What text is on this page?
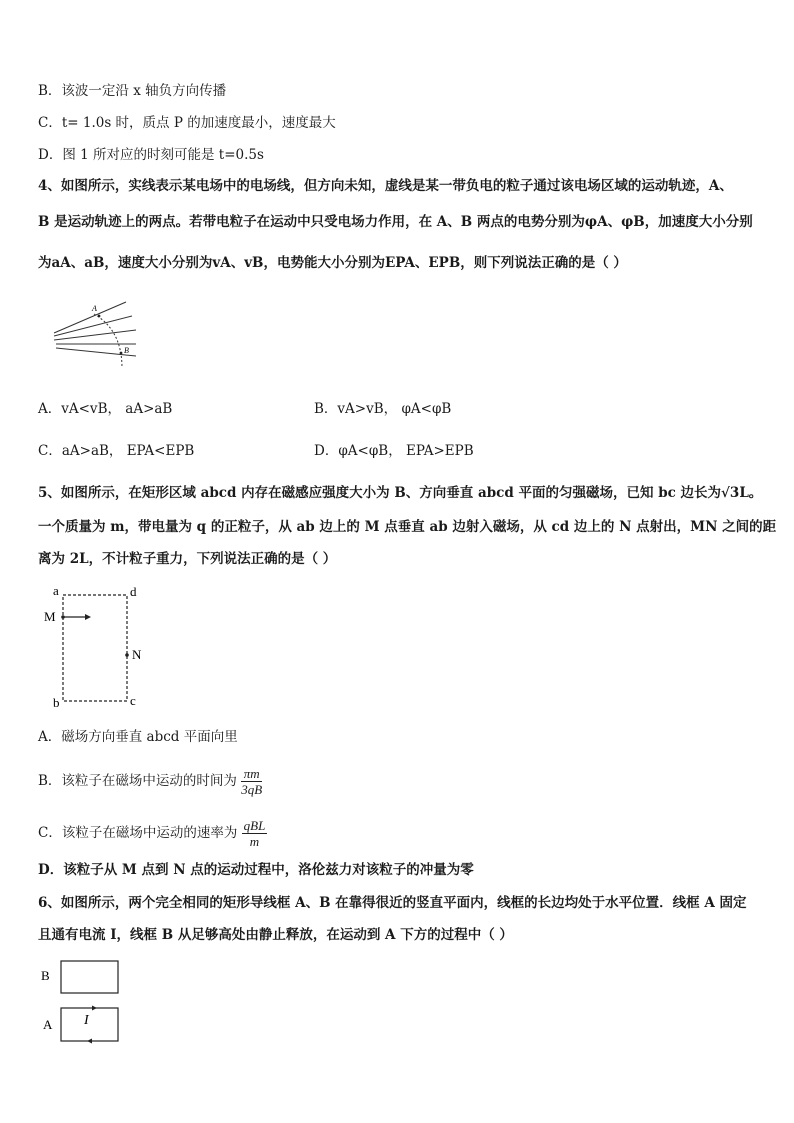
B．该波一定沿 x 轴负方向传播
C．t= 1.0s 时，质点 P 的加速度最小，速度最大
D．图 1 所对应的时刻可能是 t=0.5s
4、如图所示，实线表示某电场中的电场线，但方向未知，虚线是某一带负电的粒子通过该电场区域的运动轨迹，A、
B 是运动轨迹上的两点。若带电粒子在运动中只受电场力作用，在 A、B 两点的电势分别为φA、φB，加速度大小分别
为aA、aB，速度大小分别为vA、vB，电势能大小分别为EPA、EPB，则下列说法正确的是（ ）
A
B
A．vA<vB， aA>aB	B．vA>vB， φA<φB
C．aA>aB， EPA<EPB	D．φA<φB， EPA>EPB
5、如图所示，在矩形区域 abcd 内存在磁感应强度大小为 B、方向垂直 abcd 平面的匀强磁场，已知 bc 边长为√3L。
一个质量为 m，带电量为 q 的正粒子，从 ab 边上的 M 点垂直 ab 边射入磁场，从 cd 边上的 N 点射出，MN 之间的距
离为 2L，不计粒子重力，下列说法正确的是（ ）
a	d
M
N
b	c
A．磁场方向垂直 abcd 平面向里
B．该粒子在磁场中运动的时间为 $\frac{\pi m}{3qB}$
C．该粒子在磁场中运动的速率为 $\frac{\text{qBL}}{m}$
D．该粒子从 M 点到 N 点的运动过程中，洛伦兹力对该粒子的冲量为零
6、如图所示，两个完全相同的矩形导线框 A、B 在靠得很近的竖直平面内，线框的长边均处于水平位置．线框 A 固定
且通有电流 I，线框 B 从足够高处由静止释放，在运动到 A 下方的过程中（ ）
B
A I
